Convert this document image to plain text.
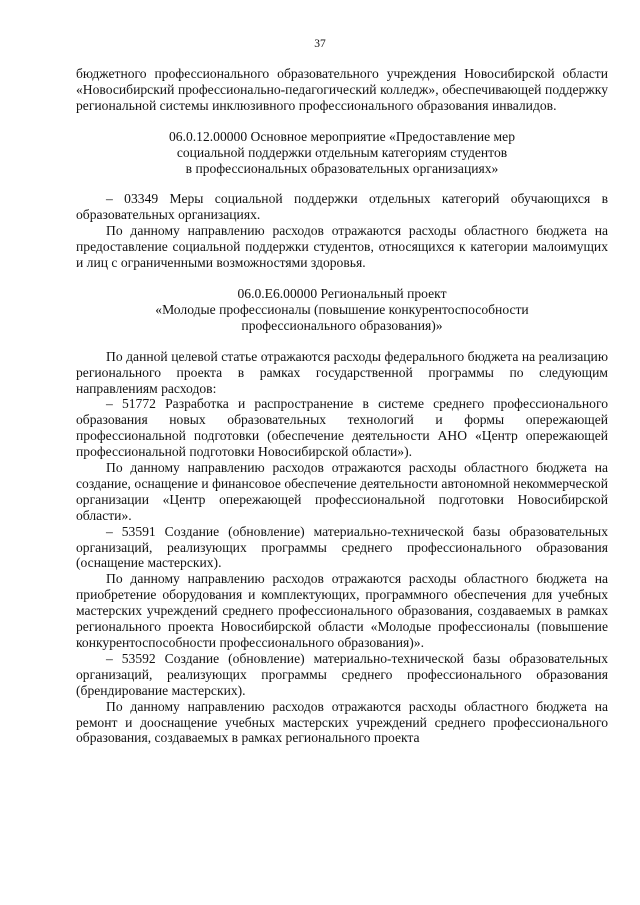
37

бюджетного профессионального образовательного учреждения Новосибирской области «Новосибирский профессионально-педагогический колледж», обеспечивающей поддержку региональной системы инклюзивного профессионального образования инвалидов.

06.0.12.00000 Основное мероприятие «Предоставление мер
социальной поддержки отдельным категориям студентов
в профессиональных образовательных организациях»

– 03349 Меры социальной поддержки отдельных категорий обучающихся в образовательных организациях.

По данному направлению расходов отражаются расходы областного бюджета на предоставление социальной поддержки студентов, относящихся к категории малоимущих и лиц с ограниченными возможностями здоровья.

06.0.Е6.00000 Региональный проект
«Молодые профессионалы (повышение конкурентоспособности
профессионального образования)»

По данной целевой статье отражаются расходы федерального бюджета на реализацию регионального проекта в рамках государственной программы по следующим направлениям расходов:

– 51772 Разработка и распространение в системе среднего профессионального образования новых образовательных технологий и формы опережающей профессиональной подготовки (обеспечение деятельности АНО «Центр опережающей профессиональной подготовки Новосибирской области»).

По данному направлению расходов отражаются расходы областного бюджета на создание, оснащение и финансовое обеспечение деятельности автономной некоммерческой организации «Центр опережающей профессиональной подготовки Новосибирской области».

– 53591 Создание (обновление) материально-технической базы образовательных организаций, реализующих программы среднего профессионального образования (оснащение мастерских).

По данному направлению расходов отражаются расходы областного бюджета на приобретение оборудования и комплектующих, программного обеспечения для учебных мастерских учреждений среднего профессионального образования, создаваемых в рамках регионального проекта Новосибирской области «Молодые профессионалы (повышение конкурентоспособности профессионального образования)».

– 53592 Создание (обновление) материально-технической базы образовательных организаций, реализующих программы среднего профессионального образования (брендирование мастерских).

По данному направлению расходов отражаются расходы областного бюджета на ремонт и дооснащение учебных мастерских учреждений среднего профессионального образования, создаваемых в рамках регионального проекта
